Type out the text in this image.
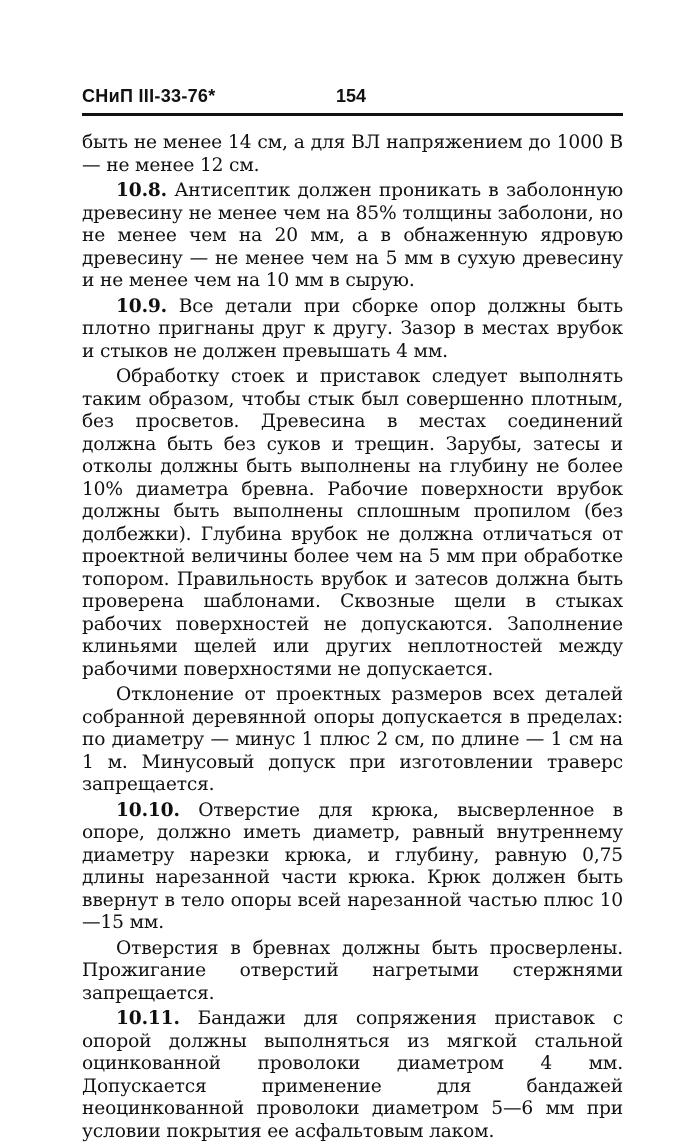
СНиП III-33-76*	154

быть не менее 14 см, а для ВЛ напряжением до 1000 В— не менее 12 см.

10.8. Антисептик должен проникать в заболонную древесину не менее чем на 85% толщины заболони, но не менее чем на 20 мм, а в обнаженную ядровую древесину — не менее чем на 5 мм в сухую древесину и не менее чем на 10 мм в сырую.

10.9. Все детали при сборке опор должны быть плотно пригнаны друг к другу. Зазор в местах врубок и стыков не должен превышать 4 мм.

Обработку стоек и приставок следует выполнять таким образом, чтобы стык был совершенно плотным, без просветов. Древесина в местах соединений должна быть без суков и трещин. Зарубы, затесы и отколы должны быть выполнены на глубину не более 10% диаметра бревна. Рабочие поверхности врубок должны быть выполнены сплошным пропилом (без долбежки). Глубина врубок не должна отличаться от проектной величины более чем на 5 мм при обработке топором. Правильность врубок и затесов должна быть проверена шаблонами. Сквозные щели в стыках рабочих поверхностей не допускаются. Заполнение клиньями щелей или других неплотностей между рабочими поверхностями не допускается.

Отклонение от проектных размеров всех деталей собранной деревянной опоры допускается в пределах: по диаметру — минус 1 плюс 2 см, по длине — 1 см на 1 м. Минусовый допуск при изготовлении траверс запрещается.

10.10. Отверстие для крюка, высверленное в опоре, должно иметь диаметр, равный внутреннему диаметру нарезки крюка, и глубину, равную 0,75 длины нарезанной части крюка. Крюк должен быть ввернут в тело опоры всей нарезанной частью плюс 10—15 мм.

Отверстия в бревнах должны быть просверлены. Прожигание отверстий нагретыми стержнями запрещается.

10.11. Бандажи для сопряжения приставок с опорой должны выполняться из мягкой стальной оцинкованной проволоки диаметром 4 мм. Допускается применение для бандажей неоцинкованной проволоки диаметром 5—6 мм при условии покрытия ее асфальтовым лаком.
